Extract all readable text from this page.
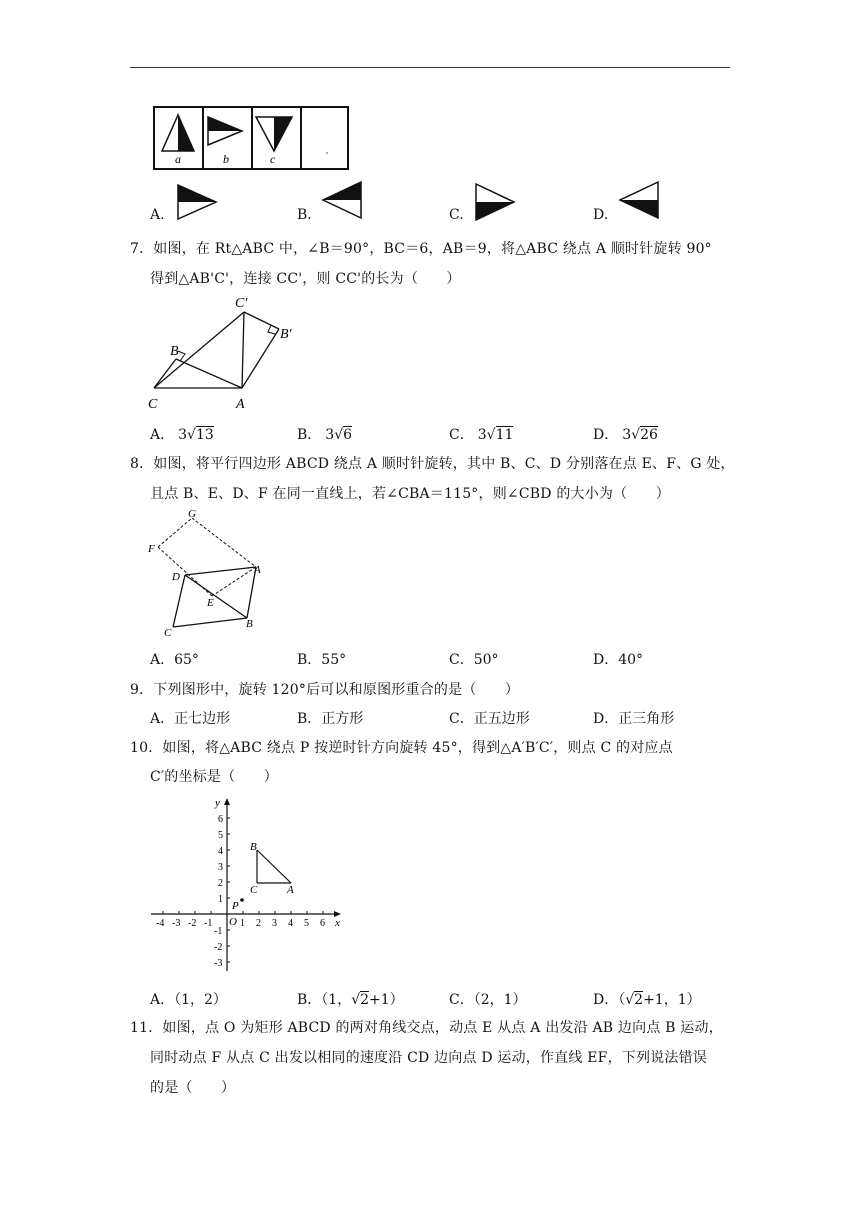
a	b	c
A.	B.	C.	D.
7．如图，在 Rt△ABC 中，∠B＝90°，BC＝6，AB＝9，将△ABC 绕点 A 顺时针旋转 90°
得到△AB'C'，连接 CC'，则 CC'的长为（　　）
C′
B′
B
C	A
A． 3√13	B． 3√6	C． 3√11	D． 3√26
8．如图，将平行四边形 ABCD 绕点 A 顺时针旋转，其中 B、C、D 分别落在点 E、F、G 处，
且点 B、E、D、F 在同一直线上，若∠CBA＝115°，则∠CBD 的大小为（　　）
G
F
D
A
E
C
B
A．65°	B．55°	C．50°	D．40°
9．下列图形中，旋转 120°后可以和原图形重合的是（　　）
A．正七边形	B．正方形	C．正五边形	D．正三角形
10．如图，将△ABC 绕点 P 按逆时针方向旋转 45°，得到△A′B′C′，则点 C 的对应点
C′的坐标是（　　）
-4 -3 -2 -1	1 2 3 4 5 6
6
5
4
3
2
1
-1
-2
-3
x
y
O
B
C	A
P
A．（1，2）	B．（1，√2+1）	C．（2，1）	D．（√2+1，1）
11．如图，点 O 为矩形 ABCD 的两对角线交点，动点 E 从点 A 出发沿 AB 边向点 B 运动，
同时动点 F 从点 C 出发以相同的速度沿 CD 边向点 D 运动，作直线 EF，下列说法错误
的是（　　）
